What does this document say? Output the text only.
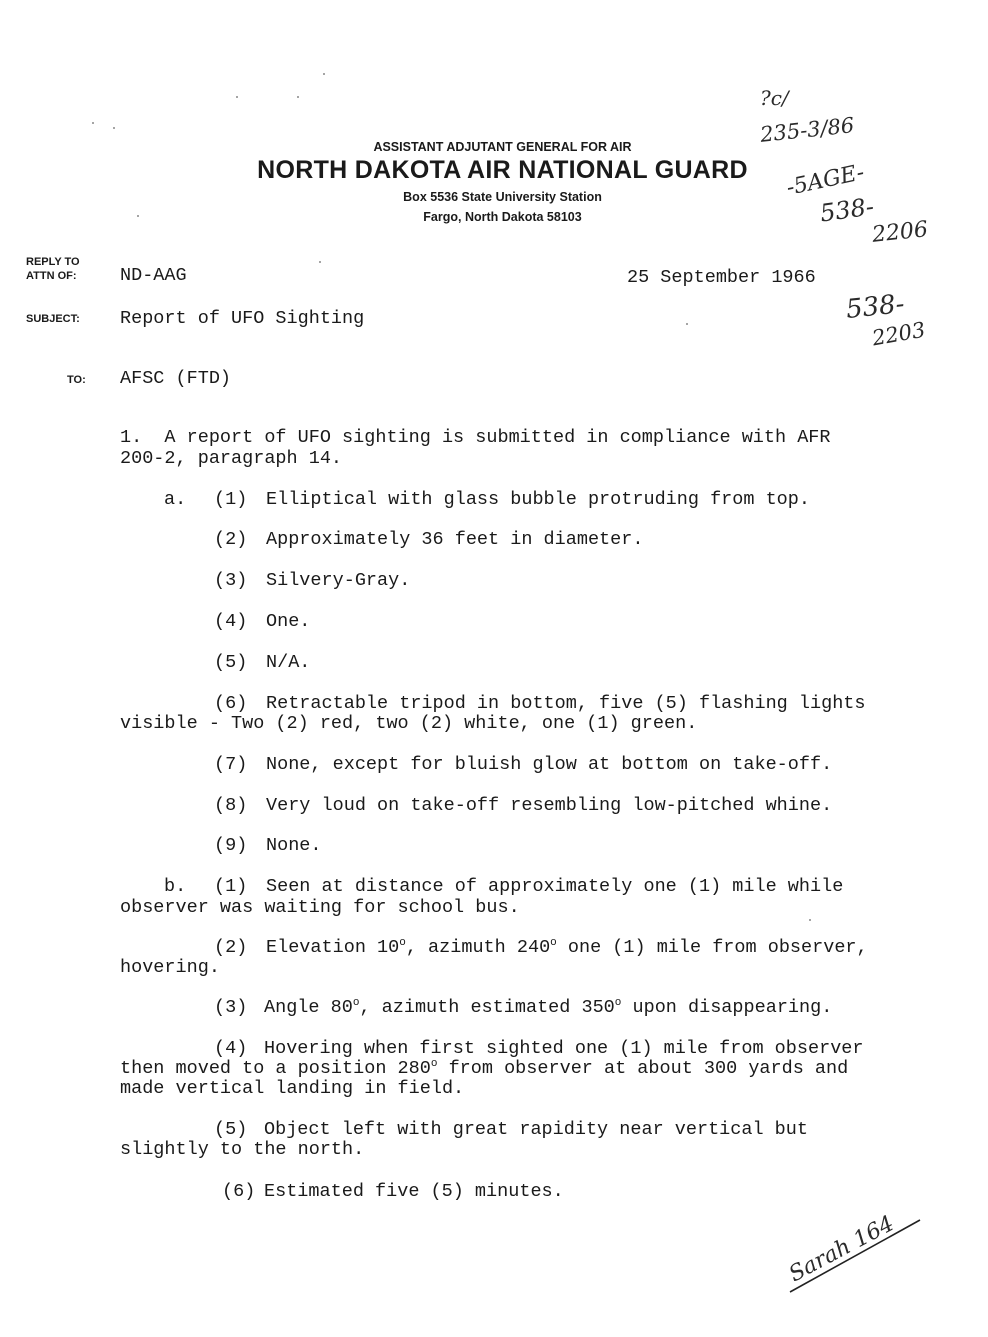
ASSISTANT ADJUTANT GENERAL FOR AIR
NORTH DAKOTA AIR NATIONAL GUARD
Box 5536 State University Station
Fargo, North Dakota 58103
REPLY TO
ATTN OF: ND-AAG	25 September 1966
SUBJECT: Report of UFO Sighting
TO: AFSC (FTD)
1.  A report of UFO sighting is submitted in compliance with AFR
200-2, paragraph 14.
a. (1) Elliptical with glass bubble protruding from top.
(2) Approximately 36 feet in diameter.
(3) Silvery-Gray.
(4) One.
(5) N/A.
(6) Retractable tripod in bottom, five (5) flashing lights
visible - Two (2) red, two (2) white, one (1) green.
(7) None, except for bluish glow at bottom on take-off.
(8) Very loud on take-off resembling low-pitched whine.
(9) None.
b. (1) Seen at distance of approximately one (1) mile while
observer was waiting for school bus.
(2) Elevation 10$^o$, azimuth 240$^o$ one (1) mile from observer,
hovering.
(3) Angle 80$^o$, azimuth estimated 350$^o$ upon disappearing.
(4) Hovering when first sighted one (1) mile from observer
then moved to a position 280$^o$ from observer at about 300 yards and
made vertical landing in field.
(5) Object left with great rapidity near vertical but
slightly to the north.
(6) Estimated five (5) minutes.
?c/
235-3/86
-5AGE-
538-
2206
538-
2203
Sarah 164
